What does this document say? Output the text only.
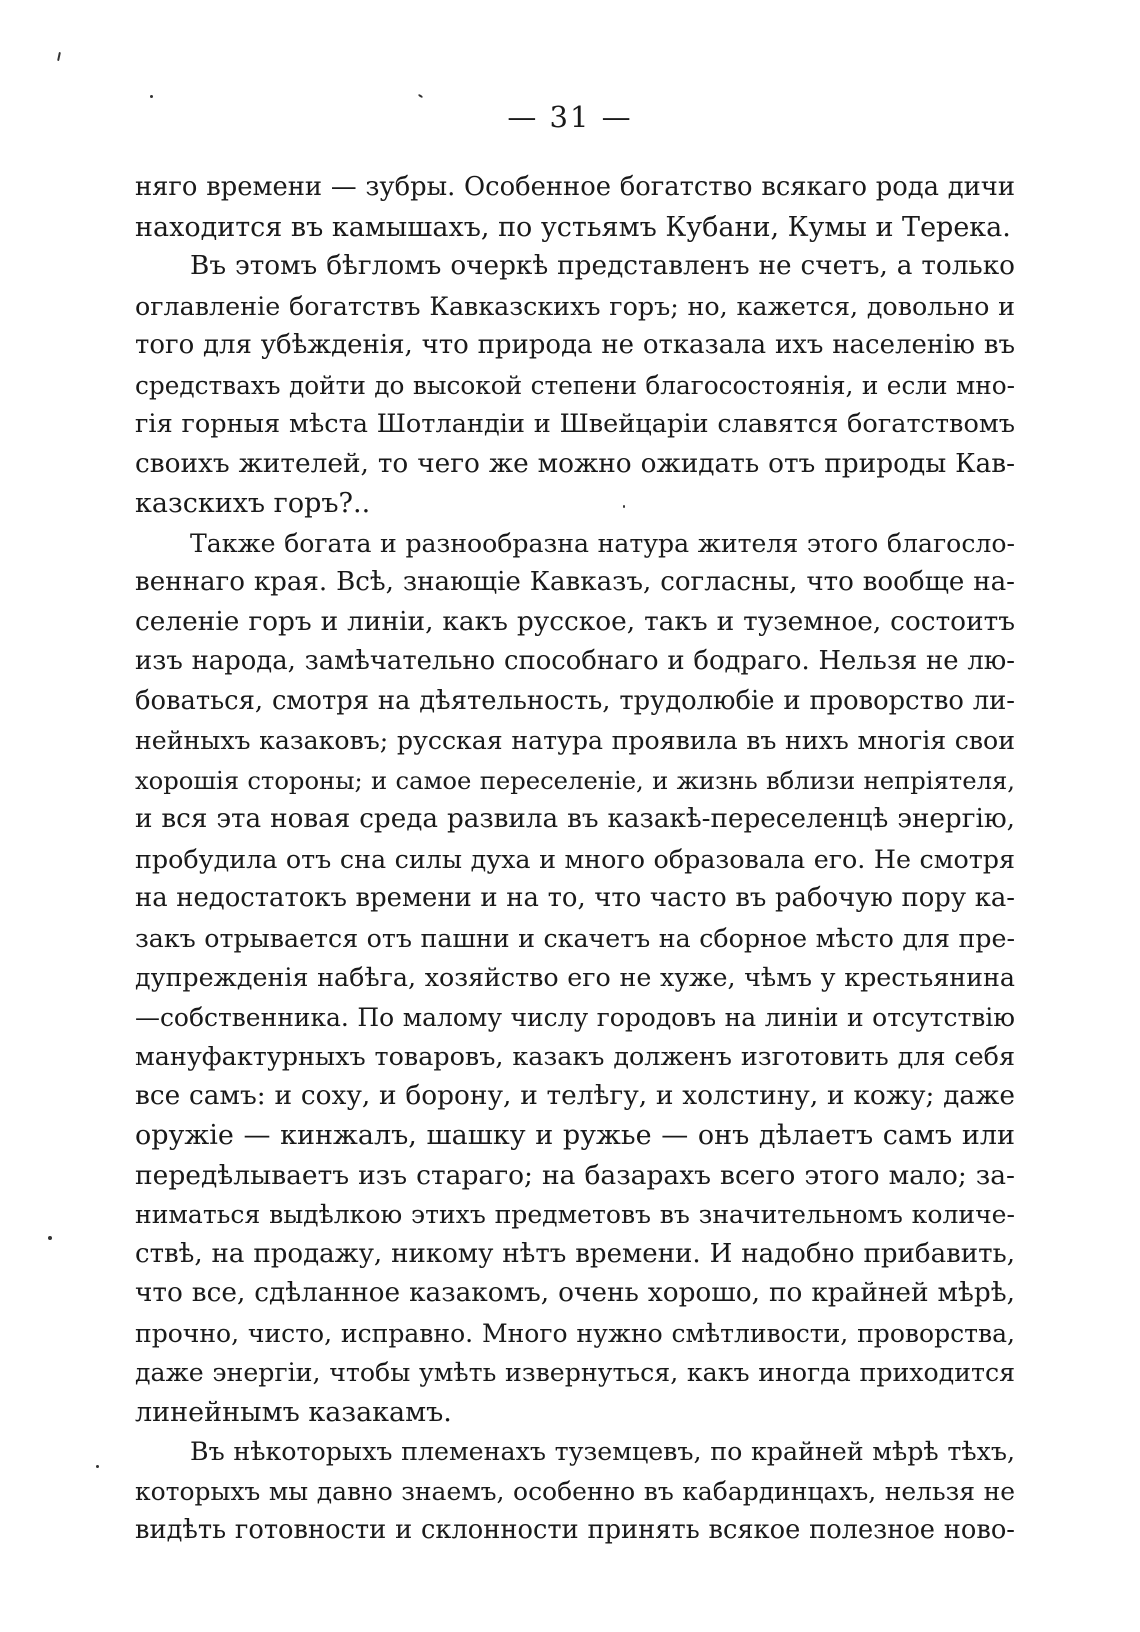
— 31 —

няго времени — зубры. Особенное богатство всякаго рода дичи

находится въ камышахъ, по устьямъ Кубани, Кумы и Терека.

Въ этомъ бѣгломъ очеркѣ представленъ не счетъ, а только

оглавленіе богатствъ Кавказскихъ горъ; но, кажется, довольно и

того для убѣжденія, что природа не отказала ихъ населенію въ

средствахъ дойти до высокой степени благосостоянія, и если мно-

гія горныя мѣста Шотландіи и Швейцаріи славятся богатствомъ

своихъ жителей, то чего же можно ожидать отъ природы Кав-

казскихъ горъ?..

Также богата и разнообразна натура жителя этого благосло-

веннаго края. Всѣ, знающіе Кавказъ, согласны, что вообще на-

селеніе горъ и линіи, какъ русское, такъ и туземное, состоитъ

изъ народа, замѣчательно способнаго и бодраго. Нельзя не лю-

боваться, смотря на дѣятельность, трудолюбіе и проворство ли-

нейныхъ казаковъ; русская натура проявила въ нихъ многія свои

хорошія стороны; и самое переселеніе, и жизнь вблизи непріятеля,

и вся эта новая среда развила въ казакѣ-переселенцѣ энергію,

пробудила отъ сна силы духа и много образовала его. Не смотря

на недостатокъ времени и на то, что часто въ рабочую пору ка-

закъ отрывается отъ пашни и скачетъ на сборное мѣсто для пре-

дупрежденія набѣга, хозяйство его не хуже, чѣмъ у крестьянина

—собственника. По малому числу городовъ на линіи и отсутствію

мануфактурныхъ товаровъ, казакъ долженъ изготовить для себя

все самъ: и соху, и борону, и телѣгу, и холстину, и кожу; даже

оружіе — кинжалъ, шашку и ружье — онъ дѣлаетъ самъ или

передѣлываетъ изъ стараго; на базарахъ всего этого мало; за-

ниматься выдѣлкою этихъ предметовъ въ значительномъ количе-

ствѣ, на продажу, никому нѣтъ времени. И надобно прибавить,

что все, сдѣланное казакомъ, очень хорошо, по крайней мѣрѣ,

прочно, чисто, исправно. Много нужно смѣтливости, проворства,

даже энергіи, чтобы умѣть извернуться, какъ иногда приходится

линейнымъ казакамъ.

Въ нѣкоторыхъ племенахъ туземцевъ, по крайней мѣрѣ тѣхъ,

которыхъ мы давно знаемъ, особенно въ кабардинцахъ, нельзя не

видѣть готовности и склонности принять всякое полезное ново-
